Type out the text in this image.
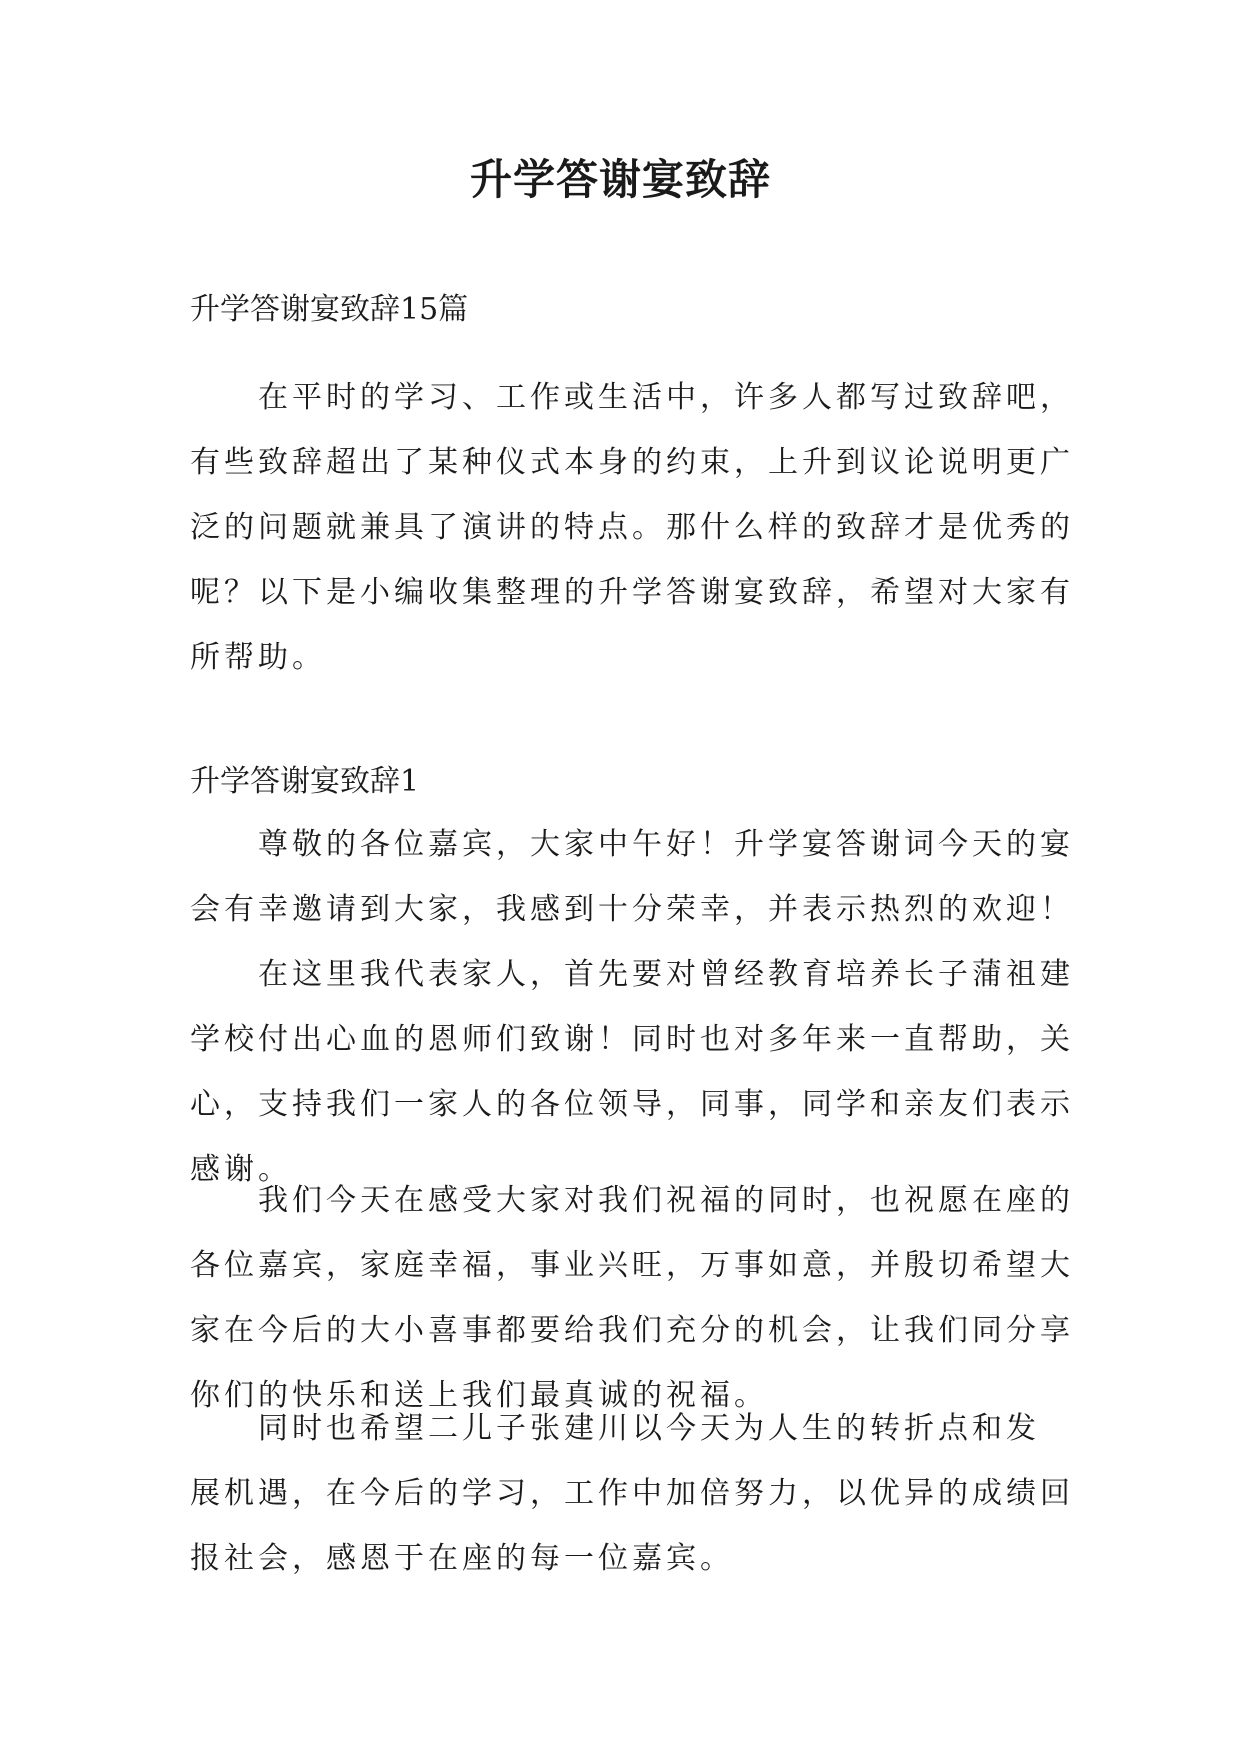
升学答谢宴致辞

升学答谢宴致辞15篇

　　在平时的学习、工作或生活中，许多人都写过致辞吧，
有些致辞超出了某种仪式本身的约束，上升到议论说明更广
泛的问题就兼具了演讲的特点。那什么样的致辞才是优秀的
呢？以下是小编收集整理的升学答谢宴致辞，希望对大家有
所帮助。

升学答谢宴致辞1

　　尊敬的各位嘉宾，大家中午好！升学宴答谢词今天的宴
会有幸邀请到大家，我感到十分荣幸，并表示热烈的欢迎！
　　在这里我代表家人，首先要对曾经教育培养长子蒲祖建
学校付出心血的恩师们致谢！同时也对多年来一直帮助，关
心，支持我们一家人的各位领导，同事，同学和亲友们表示
感谢。
　　我们今天在感受大家对我们祝福的同时，也祝愿在座的
各位嘉宾，家庭幸福，事业兴旺，万事如意，并殷切希望大
家在今后的大小喜事都要给我们充分的机会，让我们同分享
你们的快乐和送上我们最真诚的祝福。
　　同时也希望二儿子张建川以今天为人生的转折点和发
展机遇，在今后的学习，工作中加倍努力，以优异的成绩回
报社会，感恩于在座的每一位嘉宾。
